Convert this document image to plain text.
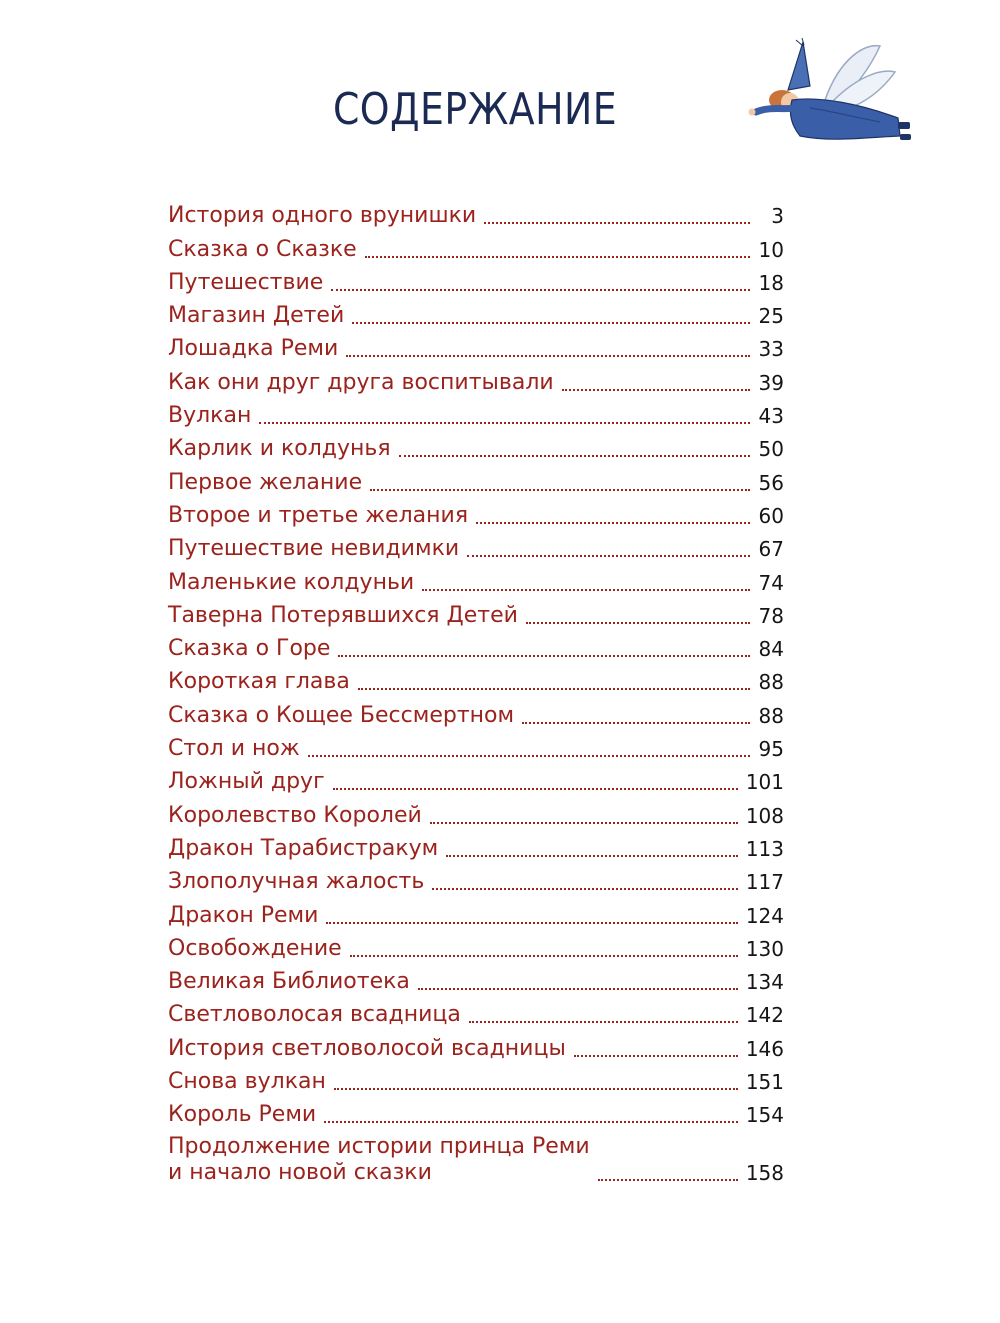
СОДЕРЖАНИЕ
История одного врунишки	3
Сказка о Сказке	10
Путешествие	18
Магазин Детей	25
Лошадка Реми	33
Как они друг друга воспитывали	39
Вулкан	43
Карлик и колдунья	50
Первое желание	56
Второе и третье желания	60
Путешествие невидимки	67
Маленькие колдуньи	74
Таверна Потерявшихся Детей	78
Сказка о Горе	84
Короткая глава	88
Сказка о Кощее Бессмертном	88
Стол и нож	95
Ложный друг	101
Королевство Королей	108
Дракон Тарабистракум	113
Злополучная жалость	117
Дракон Реми	124
Освобождение	130
Великая Библиотека	134
Светловолосая всадница	142
История светловолосой всадницы	146
Снова вулкан	151
Король Реми	154
Продолжение истории принца Реми
и начало новой сказки	158
